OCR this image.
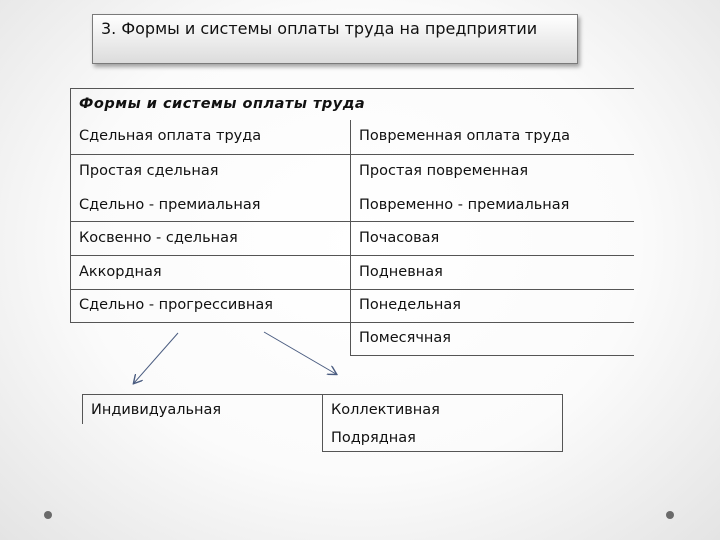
3. Формы и системы оплаты труда на предприятии
Формы и системы оплаты труда
Сдельная оплата труда	Повременная оплата труда
Простая сдельная
Сдельно - премиальная
Косвенно - сдельная
Аккордная
Сдельно - прогрессивная
Простая повременная
Повременно - премиальная
Почасовая
Подневная
Понедельная
Помесячная
Индивидуальная	Коллективная
Подрядная
